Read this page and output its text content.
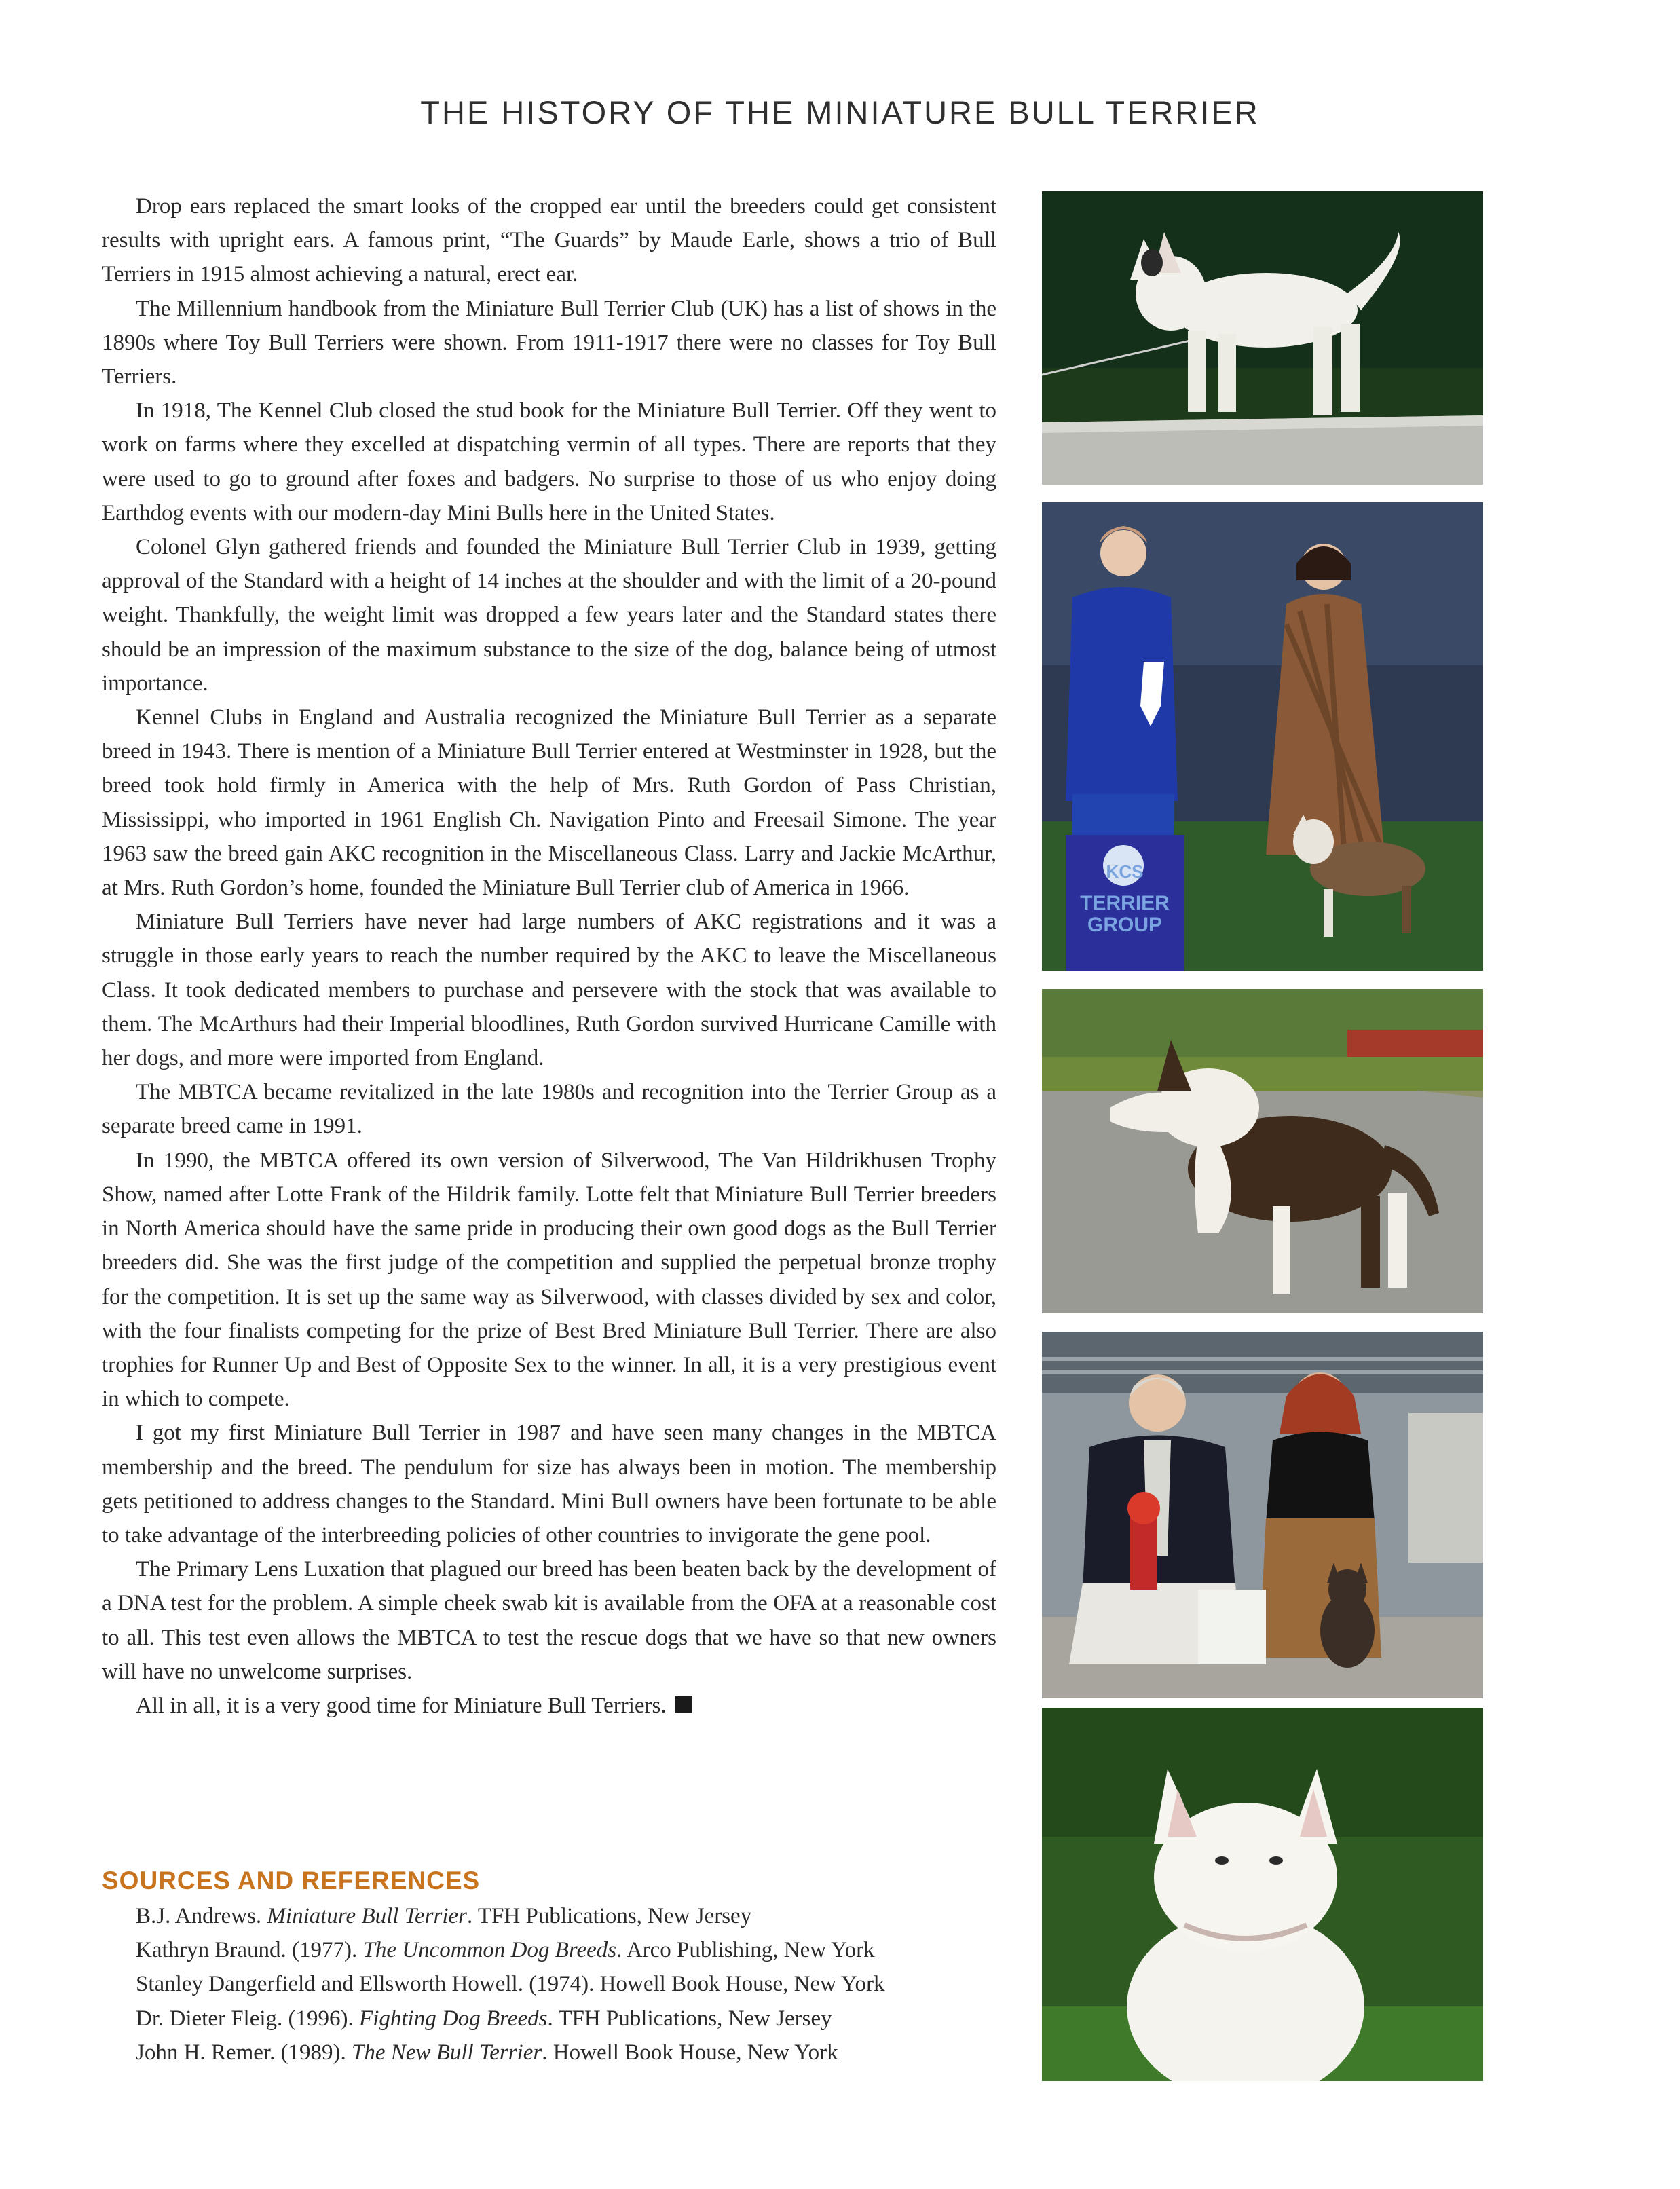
THE HISTORY OF THE MINIATURE BULL TERRIER

Drop ears replaced the smart looks of the cropped ear until the breeders could get consistent results with upright ears. A famous print, “The Guards” by Maude Earle, shows a trio of Bull Terriers in 1915 almost achieving a natural, erect ear.

The Millennium handbook from the Miniature Bull Terrier Club (UK) has a list of shows in the 1890s where Toy Bull Terriers were shown. From 1911-1917 there were no classes for Toy Bull Terriers.

In 1918, The Kennel Club closed the stud book for the Miniature Bull Terrier. Off they went to work on farms where they excelled at dispatching vermin of all types. There are reports that they were used to go to ground after foxes and badgers. No surprise to those of us who enjoy doing Earthdog events with our modern-day Mini Bulls here in the United States.

Colonel Glyn gathered friends and founded the Miniature Bull Terrier Club in 1939, getting approval of the Standard with a height of 14 inches at the shoulder and with the limit of a 20-pound weight. Thankfully, the weight limit was dropped a few years later and the Standard states there should be an impression of the maximum substance to the size of the dog, balance being of utmost importance.

Kennel Clubs in England and Australia recognized the Miniature Bull Terrier as a separate breed in 1943. There is mention of a Miniature Bull Terrier entered at Westminster in 1928, but the breed took hold firmly in America with the help of Mrs. Ruth Gordon of Pass Christian, Mississippi, who imported in 1961 English Ch. Navigation Pinto and Freesail Simone. The year 1963 saw the breed gain AKC recognition in the Miscellaneous Class. Larry and Jackie McArthur, at Mrs. Ruth Gordon’s home, founded the Miniature Bull Terrier club of America in 1966.

Miniature Bull Terriers have never had large numbers of AKC registrations and it was a struggle in those early years to reach the number required by the AKC to leave the Miscellaneous Class. It took dedicated members to purchase and persevere with the stock that was available to them. The McArthurs had their Imperial bloodlines, Ruth Gordon survived Hurricane Camille with her dogs, and more were imported from England.

The MBTCA became revitalized in the late 1980s and recognition into the Terrier Group as a separate breed came in 1991.

In 1990, the MBTCA offered its own version of Silverwood, The Van Hildrikhusen Trophy Show, named after Lotte Frank of the Hildrik family. Lotte felt that Miniature Bull Terrier breeders in North America should have the same pride in producing their own good dogs as the Bull Terrier breeders did. She was the first judge of the competition and supplied the perpetual bronze trophy for the competition. It is set up the same way as Silverwood, with classes divided by sex and color, with the four finalists competing for the prize of Best Bred Miniature Bull Terrier. There are also trophies for Runner Up and Best of Opposite Sex to the winner. In all, it is a very prestigious event in which to compete.

I got my first Miniature Bull Terrier in 1987 and have seen many changes in the MBTCA membership and the breed. The pendulum for size has always been in motion. The membership gets petitioned to address changes to the Standard. Mini Bull owners have been fortunate to be able to take advantage of the interbreeding policies of other countries to invigorate the gene pool.

The Primary Lens Luxation that plagued our breed has been beaten back by the development of a DNA test for the problem. A simple cheek swab kit is available from the OFA at a reasonable cost to all. This test even allows the MBTCA to test the rescue dogs that we have so that new owners will have no unwelcome surprises.

All in all, it is a very good time for Miniature Bull Terriers.

SOURCES AND REFERENCES

B.J. Andrews. Miniature Bull Terrier. TFH Publications, New Jersey

Kathryn Braund. (1977). The Uncommon Dog Breeds. Arco Publishing, New York

Stanley Dangerfield and Ellsworth Howell. (1974). Howell Book House, New York

Dr. Dieter Fleig. (1996). Fighting Dog Breeds. TFH Publications, New Jersey

John H. Remer. (1989). The New Bull Terrier. Howell Book House, New York

KCS
TERRIER
GROUP
